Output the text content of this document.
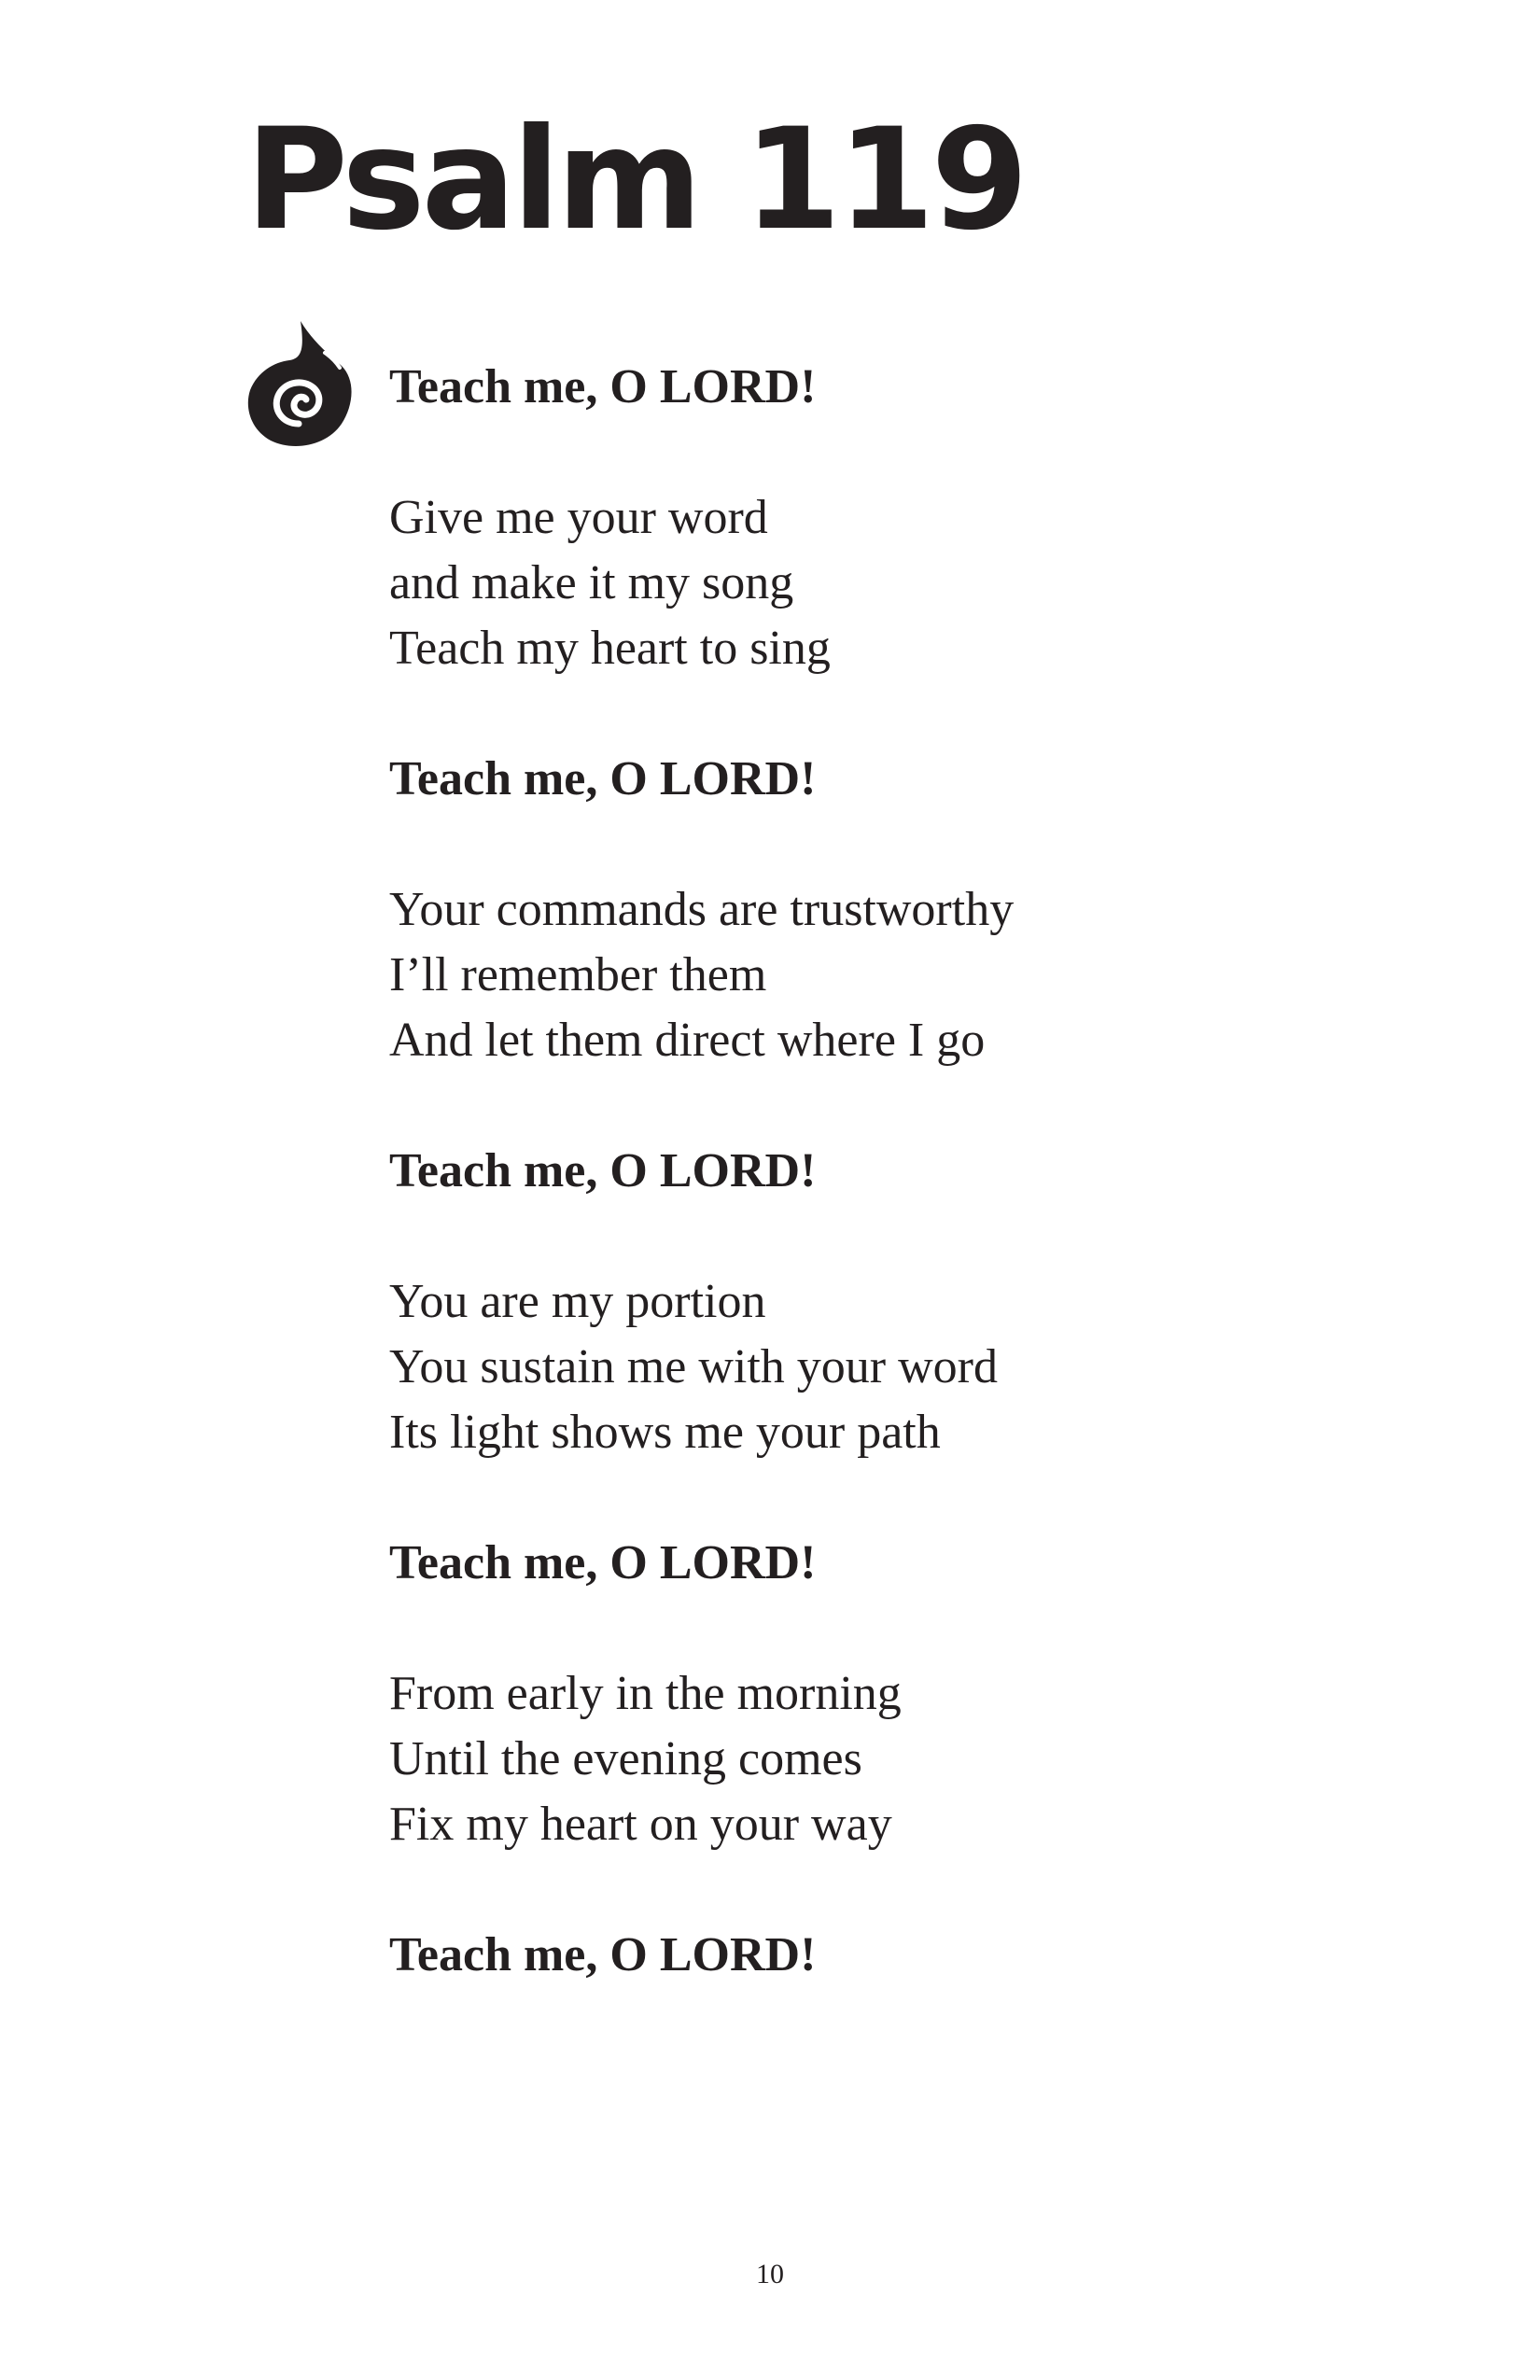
Psalm 119
Teach me, O LORD!
Give me your word
and make it my song
Teach my heart to sing
Teach me, O LORD!
Your commands are trustworthy
I’ll remember them
And let them direct where I go
Teach me, O LORD!
You are my portion
You sustain me with your word
Its light shows me your path
Teach me, O LORD!
From early in the morning
Until the evening comes
Fix my heart on your way
Teach me, O LORD!
10
